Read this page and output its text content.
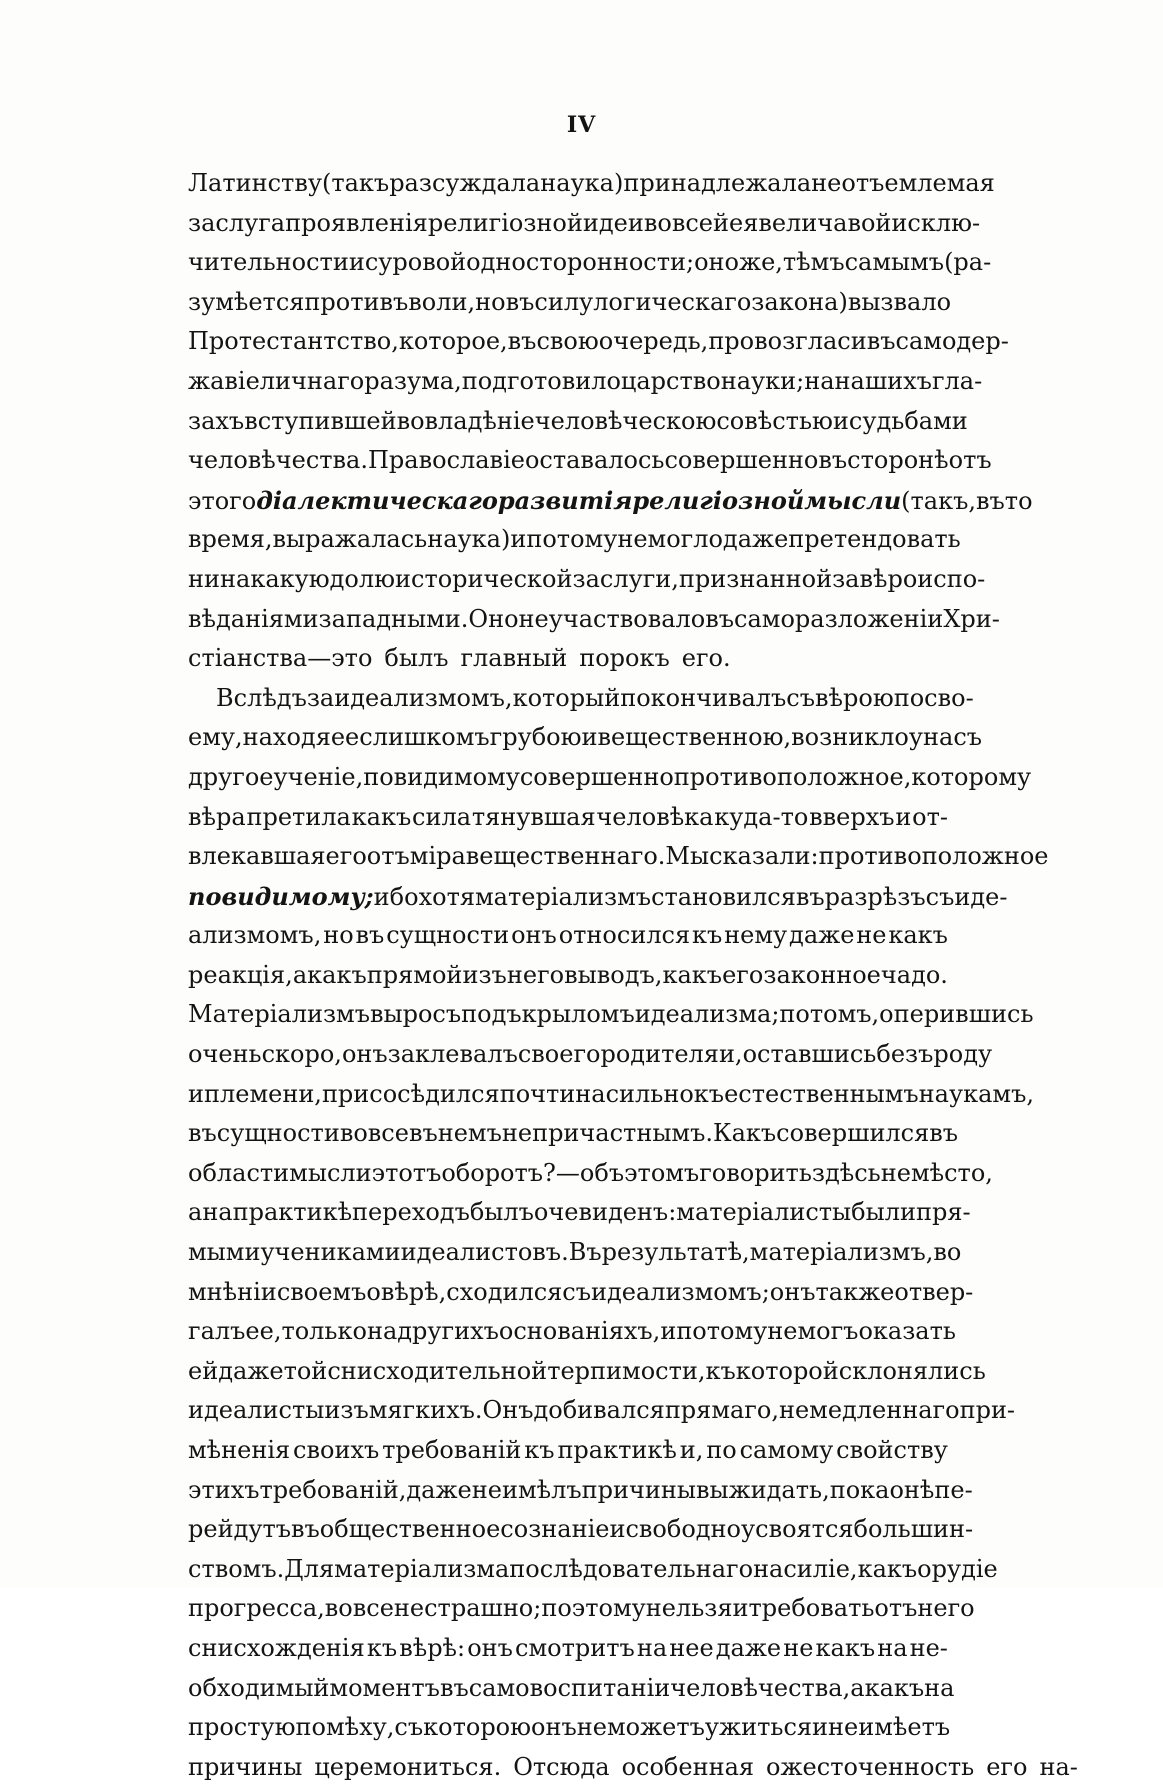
IV
Латинству (такъ разсуждала наука) принадлежала неотъемлемая
заслуга проявленія религіозной идеи во всей ея величавой исклю-
чительности и суровой односторонности; оно же, тѣмъ самымъ (ра-
зумѣется противъ воли, но въ силу логическаго закона) вызвало
Протестантство, которое, въ свою очередь, провозгласивъ самодер-
жавіе личнаго разума, подготовило царство науки; на нашихъ гла-
захъ вступившей во владѣніе человѣческою совѣстью и судьбами
человѣчества. Православіе оставалось совершенно въ сторонѣ отъ
этого діалектическаго развитія религіозной мысли (такъ, въ то
время, выражалась наука) и потому не могло даже претендовать
ни на какую долю исторической заслуги, признанной за вѣроиспо-
вѣданіями западными. Оно не участвовало въ саморазложеніи Хри-
стіанства—это былъ главный порокъ его.
Вслѣдъ за идеализмомъ, который покончивалъ съ вѣрою по сво-
ему, находя ее слишкомъ грубою и вещественною, возникло у насъ
другое ученіе, повидимому совершенно противоположное, которому
вѣра претила какъ сила тянувшая человѣка куда-то вверхъ и от-
влекавшая его отъ міра вещественнаго. Мы сказали: противоположное
повидимому; ибо хотя матеріализмъ становился въ разрѣзъ съ иде-
ализмомъ, но въ сущности онъ относился къ нему даже не какъ
реакція, а какъ прямой изъ него выводъ, какъ его законное чадо.
Матеріализмъ выросъ подъ крыломъ идеализма; потомъ, оперившись
очень скоро, онъ заклевалъ своего родителя и, оставшись безъ роду
и племени, присосѣдился почти насильно къ естественнымъ наукамъ,
въ сущности вовсе въ немъ непричастнымъ. Какъ совершился въ
области мысли этотъ оборотъ?—объ этомъ говорить здѣсь не мѣсто,
а на практикѣ переходъ былъ очевиденъ: матеріалисты были пря-
мыми учениками идеалистовъ. Въ результатѣ, матеріализмъ, во
мнѣніи своемъ о вѣрѣ, сходился съ идеализмомъ; онъ также отвер-
галъ ее, только на другихъ основаніяхъ, и потому не могъ оказать
ей даже той снисходительной терпимости, къ которой склонялись
идеалисты изъ мягкихъ. Онъ добивался прямаго, немедленнаго при-
мѣненія своихъ требованій къ практикѣ и, по самому свойству
этихъ требованій, даже не имѣлъ причины выжидать, пока онѣ пе-
рейдутъ въ общественное сознаніе и свободно усвоятся большин-
ствомъ. Для матеріализма послѣдовательнаго насиліе, какъ орудіе
прогресса, вовсе не страшно; поэтому нельзя и требовать отъ него
снисхожденія къ вѣрѣ: онъ смотритъ на нее даже не какъ на не-
обходимый моментъ въ самовоспитаніи человѣчества, а какъ на
простую помѣху, съ которою онъ не можетъ ужиться и не имѣетъ
причины церемониться. Отсюда особенная ожесточенность его на-
